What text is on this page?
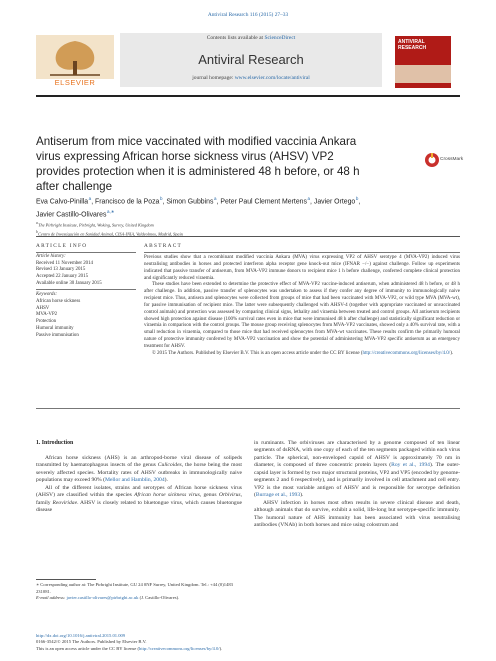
Antiviral Research 116 (2015) 27–33
ELSEVIER
Contents lists available at ScienceDirect
Antiviral Research
journal homepage: www.elsevier.com/locate/antiviral
ANTIVIRAL RESEARCH
Antiserum from mice vaccinated with modified vaccinia Ankara virus expressing African horse sickness virus (AHSV) VP2 provides protection when it is administered 48 h before, or 48 h after challenge
CrossMark
Eva Calvo-Pinilla $^a$, Francisco de la Poza $^b$, Simon Gubbins $^a$, Peter Paul Clement Mertens $^a$, Javier Ortego $^b$,
Javier Castillo-Olivares $^{a,∗}$
$^a$ The Pirbright Institute, Pirbright, Woking, Surrey, United Kingdom
$^b$ Centro de Investigación en Sanidad Animal, CISA-INIA, Valdeolmos, Madrid, Spain
ARTICLE INFO	ABSTRACT
Article history:
Received 11 November 2014
Revised 13 January 2015
Accepted 22 January 2015
Available online 30 January 2015
Keywords:
African horse sickness
AHSV
MVA-VP2
Protection
Humoral immunity
Passive immunisation

Previous studies show that a recombinant modified vaccinia Ankara (MVA) virus expressing VP2 of AHSV serotype 4 (MVA-VP2) induced virus neutralising antibodies in horses and protected interferon alpha receptor gene knock-out mice (IFNAR −/−) against challenge. Follow up experiments indicated that passive transfer of antiserum, from MVA-VP2 immune donors to recipient mice 1 h before challenge, conferred complete clinical protection and significantly reduced viraemia.

These studies have been extended to determine the protective effect of MVA-VP2 vaccine-induced antiserum, when administered 48 h before, or 48 h after challenge. In addition, passive transfer of splenocytes was undertaken to assess if they confer any degree of immunity to immunologically naive recipient mice. Thus, antisera and splenocytes were collected from groups of mice that had been vaccinated with MVA-VP2, or wild type MVA (MVA-wt), for passive immunisation of recipient mice. The latter were subsequently challenged with AHSV-4 (together with appropriate vaccinated or unvaccinated control animals) and protection was assessed by comparing clinical signs, lethality and viraemia between treated and control groups. All antiserum recipients showed high protection against disease (100% survival rates even in mice that were immunised 48 h after challenge) and statistically significant reduction or viraemia in comparison with the control groups. The mouse group receiving splenocytes from MVA-VP2 vaccinates, showed only a 40% survival rate, with a small reduction in viraemia, compared to those mice that had received splenocytes from MVA-wt vaccinates. These results confirm the primarily humoral nature of protective immunity conferred by MVA-VP2 vaccination and show the potential of administering MVA-VP2 specific antiserum as an emergency treatment for AHSV.

© 2015 The Authors. Published by Elsevier B.V. This is an open access article under the CC BY license (http://creativecommons.org/licenses/by/4.0/).

1. Introduction

African horse sickness (AHS) is an arthropod-borne viral disease of solipeds transmitted by haematophagous insects of the genus Culicoides, the horse being the most severely affected species. Mortality rates of AHSV outbreaks in immunologically naive populations may exceed 90% (Mellor and Hamblin, 2004).

All of the different isolates, strains and serotypes of African horse sickness virus (AHSV) are classified within the species African horse sickness virus, genus Orbivirus, family Reoviridae. AHSV is closely related to bluetongue virus, which causes bluetongue disease

in ruminants. The orbiviruses are characterised by a genome composed of ten linear segments of dsRNA, with one copy of each of the ten segments packaged within each virus particle. The spherical, non-enveloped capsid of AHSV is approximately 70 nm in diameter, is composed of three concentric protein layers (Roy et al., 1994). The outer-capsid layer is formed by two major structural proteins, VP2 and VP5 (encoded by genome-segments 2 and 6 respectively), and is primarily involved in cell attachment and cell entry. VP2 is the most variable antigen of AHSV and is responsible for serotype definition (Burrage et al., 1993).

AHSV infection in horses most often results in severe clinical disease and death, although animals that do survive, exhibit a solid, life-long but serotype-specific immunity. The humoral nature of AHS immunity has been associated with virus neutralising antibodies (VNAb) in both horses and mice using colostrum and

∗ Corresponding author at: The Pirbright Institute, GU 24 0NF Surrey, United Kingdom. Tel.: +44 (0)1483 231081.
E-mail address: javier.castillo-olivares@pirbright.ac.uk (J. Castillo-Olivares).
http://dx.doi.org/10.1016/j.antiviral.2015.01.009
0166-3542/© 2015 The Authors. Published by Elsevier B.V.
This is an open access article under the CC BY license (http://creativecommons.org/licenses/by/4.0/).
